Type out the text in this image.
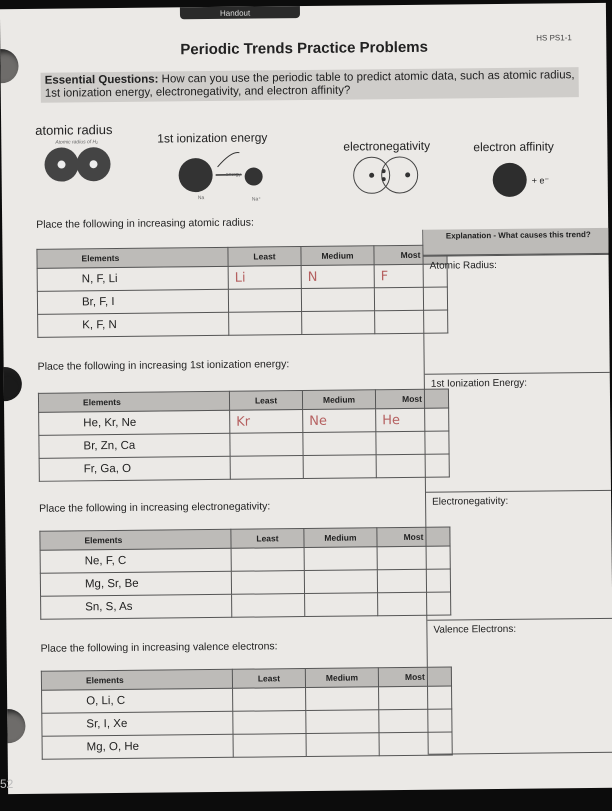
Handout
HS PS1-1
Periodic Trends Practice Problems
Essential Questions: How can you use the periodic table to predict atomic data, such as atomic radius, 1st ionization energy, electronegativity, and electron affinity?
atomic radius
Atomic radius of H₂	1st ionization energy
Na	Na⁺
energy
electronegativity	electron affinity
+ e⁻
Place the following in increasing atomic radius:
Elements	Least	Medium	Most
N, F, Li	Li	N	F
Br, F, I			
K, F, N			
Place the following in increasing 1st ionization energy:
Elements	Least	Medium	Most
He, Kr, Ne	Kr	Ne	He
Br, Zn, Ca			
Fr, Ga, O			
Place the following in increasing electronegativity:
Elements	Least	Medium	Most
Ne, F, C			
Mg, Sr, Be			
Sn, S, As			
Place the following in increasing valence electrons:
Elements	Least	Medium	Most
O, Li, C			
Sr, I, Xe			
Mg, O, He			
Explanation - What causes this trend?
Atomic Radius:
1st Ionization Energy:
Electronegativity:
Valence Electrons:
52
